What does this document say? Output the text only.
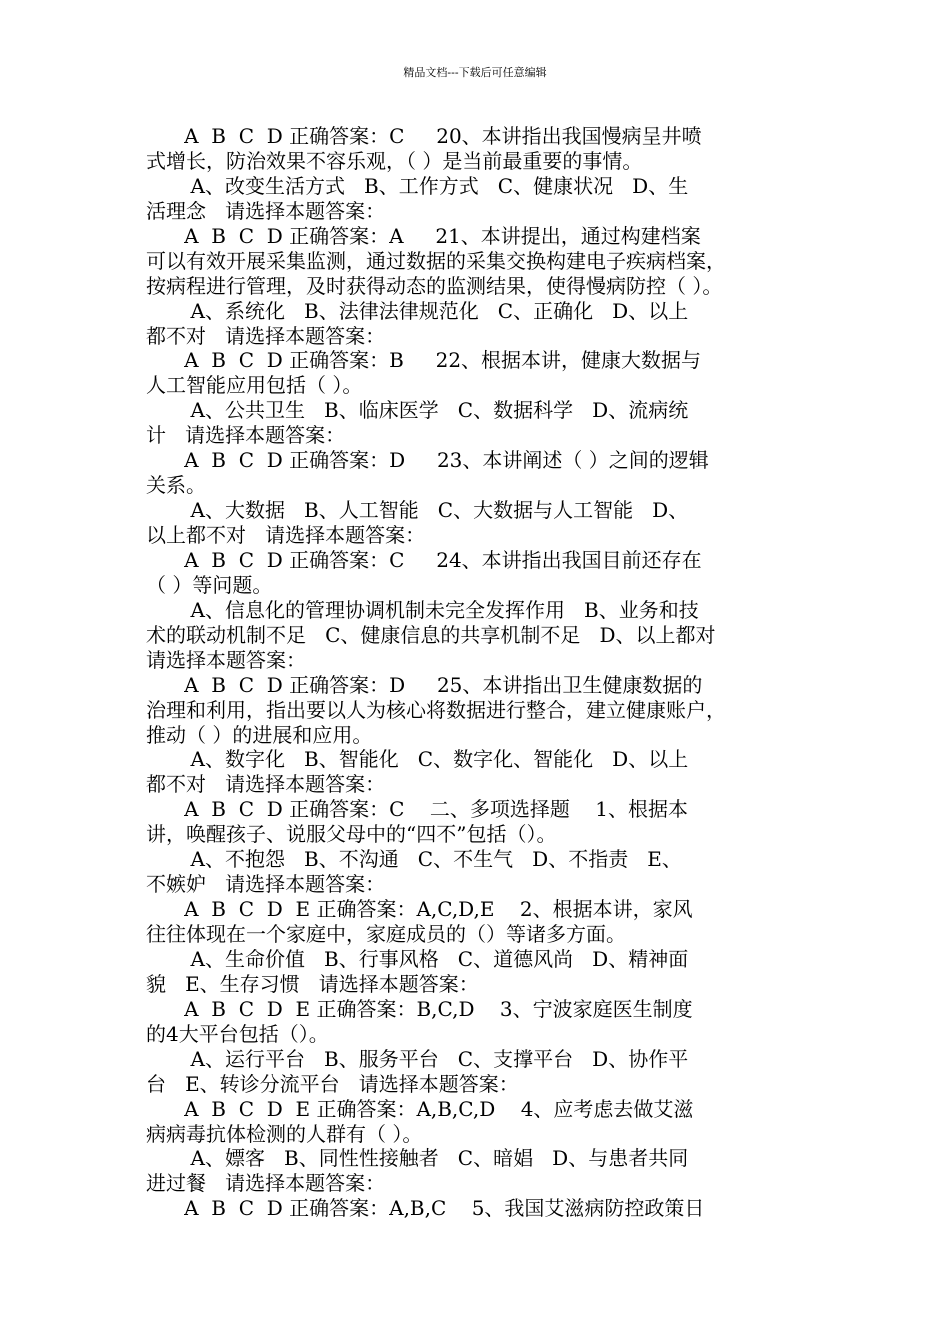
精品文档---下载后可任意编辑
A  B  C  D 正确答案：C     20、本讲指出我国慢病呈井喷
式增长，防治效果不容乐观，（ ）是当前最重要的事情。
A、改变生活方式   B、工作方式   C、健康状况   D、生
活理念   请选择本题答案：
A  B  C  D 正确答案：A     21、本讲提出，通过构建档案
可以有效开展采集监测，通过数据的采集交换构建电子疾病档案，
按病程进行管理，及时获得动态的监测结果，使得慢病防控（ ）。
A、系统化   B、法律法律规范化   C、正确化   D、以上
都不对   请选择本题答案：
A  B  C  D 正确答案：B     22、根据本讲，健康大数据与
人工智能应用包括（ ）。
A、公共卫生   B、临床医学   C、数据科学   D、流病统
计   请选择本题答案：
A  B  C  D 正确答案：D     23、本讲阐述（ ）之间的逻辑
关系。
A、大数据   B、人工智能   C、大数据与人工智能   D、
以上都不对   请选择本题答案：
A  B  C  D 正确答案：C     24、本讲指出我国目前还存在
（ ）等问题。
A、信息化的管理协调机制未完全发挥作用   B、业务和技
术的联动机制不足   C、健康信息的共享机制不足   D、以上都对
请选择本题答案：
A  B  C  D 正确答案：D     25、本讲指出卫生健康数据的
治理和利用，指出要以人为核心将数据进行整合，建立健康账户，
推动（ ）的进展和应用。
A、数字化   B、智能化   C、数字化、智能化   D、以上
都不对   请选择本题答案：
A  B  C  D 正确答案：C    二、多项选择题    1、根据本
讲，唤醒孩子、说服父母中的“四不”包括（）。
A、不抱怨   B、不沟通   C、不生气   D、不指责   E、
不嫉妒   请选择本题答案：
A  B  C  D  E 正确答案：A,C,D,E    2、根据本讲，家风
往往体现在一个家庭中，家庭成员的（）等诸多方面。
A、生命价值   B、行事风格   C、道德风尚   D、精神面
貌   E、生存习惯   请选择本题答案：
A  B  C  D  E 正确答案：B,C,D    3、宁波家庭医生制度
的4大平台包括（）。
A、运行平台   B、服务平台   C、支撑平台   D、协作平
台   E、转诊分流平台   请选择本题答案：
A  B  C  D  E 正确答案：A,B,C,D    4、应考虑去做艾滋
病病毒抗体检测的人群有（ ）。
A、嫖客   B、同性性接触者   C、暗娼   D、与患者共同
进过餐   请选择本题答案：
A  B  C  D 正确答案：A,B,C    5、我国艾滋病防控政策日
